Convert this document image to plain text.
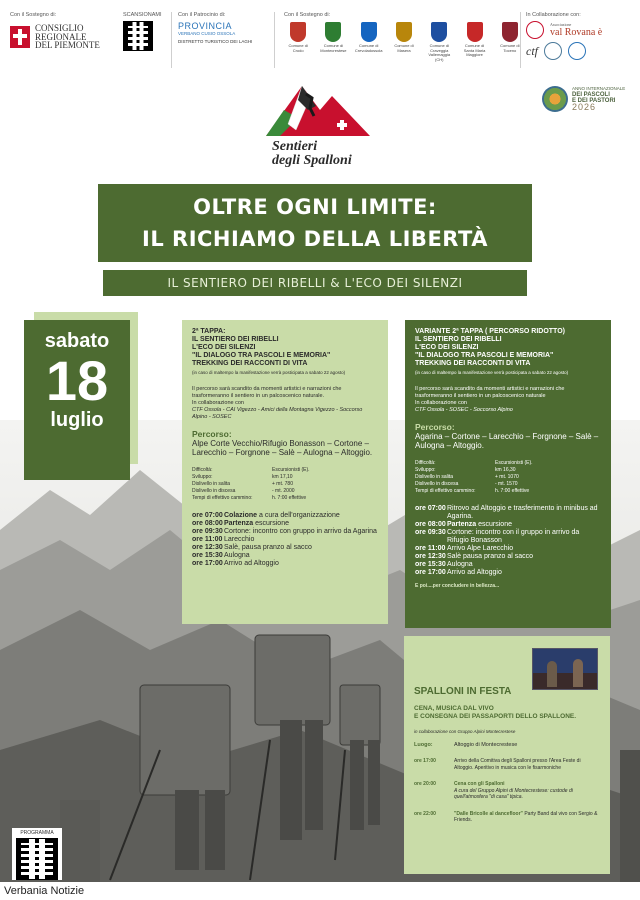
Con il Sostegno di:
CONSIGLIO REGIONALE DEL PIEMONTE
SCANSIONAMI	Con il Patrocinio di:
PROVINCIA
VERBANO CUSIO OSSOLA
DISTRETTO TURISTICO DEI LAGHI
Con il Sostegno di:
Comune di Crodo
Comune di Montecrestese
Comune di Crevoladossola
Comune di Masera
Comune di Craveggia Vallemaggia (CH)
Comune di Santa Maria Maggiore
Comune di Toceno
In Collaborazione con:
Associazione
val Rovana è
ctf
ANNO INTERNAZIONALE
DEI PASCOLI
E DEI PASTORI
2026
Sentieri
degli Spalloni
OLTRE OGNI LIMITE:
IL RICHIAMO DELLA LIBERTÀ
IL SENTIERO DEI RIBELLI & L'ECO DEI SILENZI
sabato
18
luglio
2ª TAPPA:
IL SENTIERO DEI RIBELLI
L'ECO DEI SILENZI
"IL DIALOGO TRA PASCOLI E MEMORIA"
TREKKING DEI RACCONTI DI VITA
(in caso di maltempo la manifestazione verrà posticipata a sabato 22 agosto)
Il percorso sarà scandito da momenti artistici e narrazioni che trasformeranno il sentiero in un palcoscenico naturale.
In collaborazione con
CTF Ossola - CAI Vigezzo - Amici della Montagna Vigezzo - Soccorso Alpino - SOSEC
Percorso:
Alpe Corte Vecchio/Rifugio Bonasson – Cortone – Larecchio – Forgnone – Salè – Aulogna – Altoggio.
Difficoltà:	Escursionisti (E).
Sviluppo:	km 17,10
Dislivello in salita	+ mt. 780
Dislivello in discesa	- mt. 2000
Tempi di effettivo cammino:	h. 7:00 effettive
ore 07:00 Colazione a cura dell'organizzazione
ore 08:00 Partenza escursione
ore 09:30 Cortone: incontro con gruppo in arrivo da Agarina
ore 11:00 Larecchio
ore 12:30 Salè, pausa pranzo al sacco
ore 15:30 Aulogna
ore 17:00 Arrivo ad Altoggio
VARIANTE 2ª TAPPA ( PERCORSO RIDOTTO)
IL SENTIERO DEI RIBELLI
L'ECO DEI SILENZI
"IL DIALOGO TRA PASCOLI E MEMORIA"
TREKKING DEI RACCONTI DI VITA
(in caso di maltempo la manifestazione verrà posticipata a sabato 22 agosto)
Il percorso sarà scandito da momenti artistici e narrazioni che trasformeranno il sentiero in un palcoscenico naturale
In collaborazione con
CTF Ossola - SOSEC - Soccorso Alpino
Percorso:
Agarina – Cortone – Larecchio – Forgnone – Salè – Aulogna – Altoggio.
Difficoltà:	Escursionisti (E).
Sviluppo:	km 16,30
Dislivello in salita	+ mt. 1070
Dislivello in discesa	- mt. 1570
Tempi di effettivo cammino:	h. 7:00 effettive
ore 07:00 Ritrovo ad Altoggio e trasferimento in minibus ad Agarina.
ore 08:00 Partenza escursione
ore 09:30 Cortone: incontro con il gruppo in arrivo da Rifugio Bonasson
ore 11:00 Arrivo Alpe Larecchio
ore 12:30 Salè pausa pranzo al sacco
ore 15:30 Aulogna
ore 17:00 Arrivo ad Altoggio
E poi....per concludere in bellezza...
SPALLONI IN FESTA
CENA, MUSICA DAL VIVO
E CONSEGNA DEI PASSAPORTI DELLO SPALLONE.
in collaborazione con Gruppo Alpini Montecrestese
Luogo:	Altoggio di Montecrestese
ore 17:00	Arrivo della Comitiva degli Spalloni presso l'Area Feste di Altoggio. Aperitivo in musica con le fisarmoniche
ore 20:00	Cena con gli Spalloni
A cura del Gruppo Alpini di Montecrestese: custode di quell'atmosfera "di casa" tipica.
ore 22:00	"Dalle Bricolle al dancefloor" Party Band dal vivo con Sergio & Friends.
PROGRAMMA
Verbania Notizie
